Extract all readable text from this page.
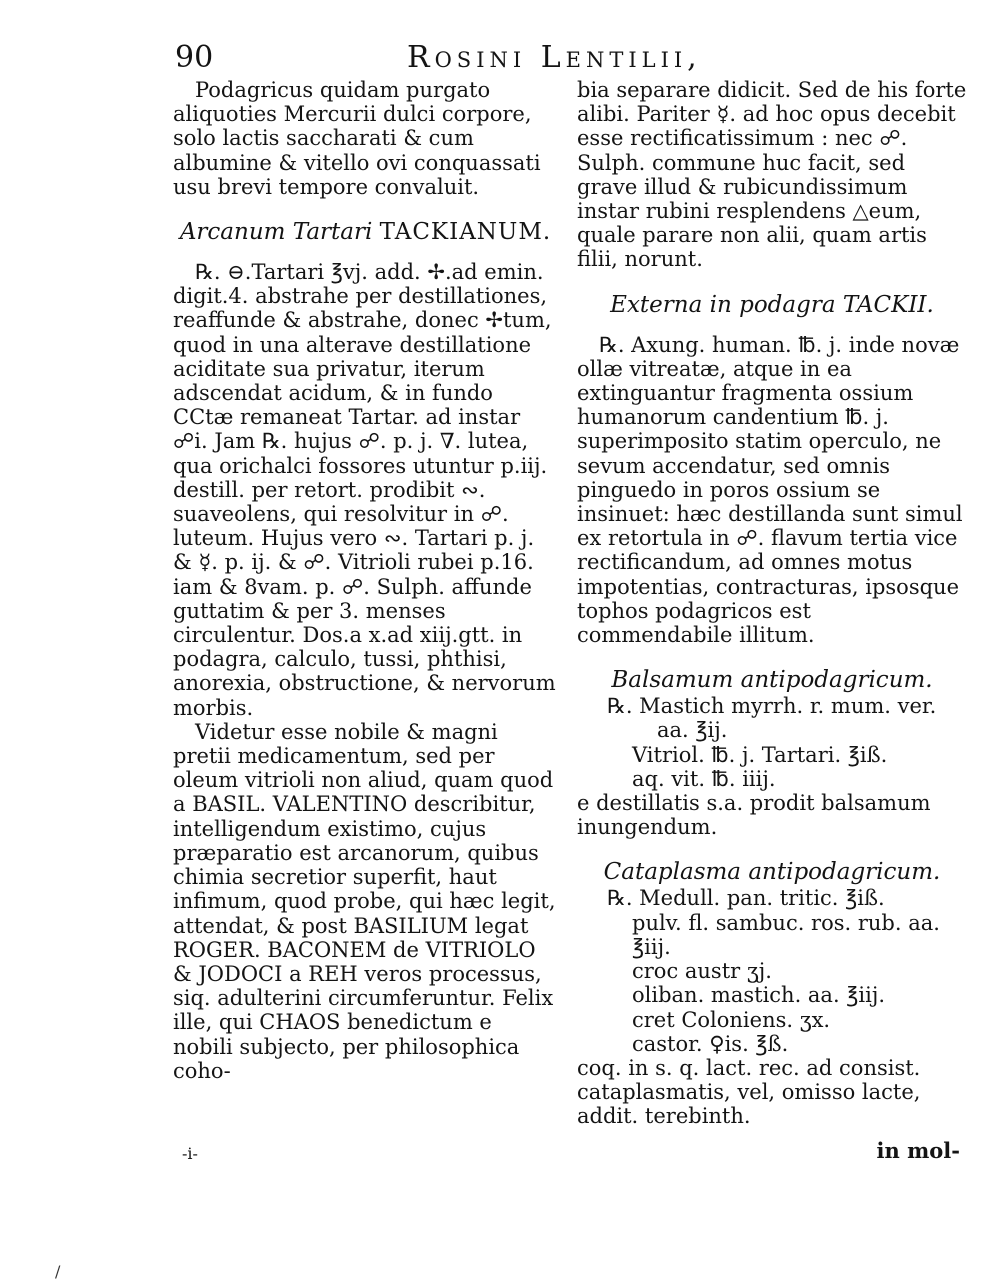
90	Rosini Lentilii,

Podagricus quidam purgato aliquoties Mercurii dulci corpore, solo lactis saccharati & cum albumine & vitello ovi conquassati usu brevi tempore convaluit.

Arcanum Tartari TACKIANUM.

℞. ⊖.Tartari ℥vj. add. ✢.ad emin. digit.4. abstrahe per destillationes, reaffunde & abstrahe, donec ✢tum, quod in una alterave destillatione aciditate sua privatur, iterum adscendat acidum, & in fundo CCtæ remaneat Tartar. ad instar ☍i. Jam ℞. hujus ☍. p. j. ∇. lutea, qua orichalci fossores utuntur p.iij. destill. per retort. prodibit ∾. suaveolens, qui resolvitur in ☍. luteum. Hujus vero ∾. Tartari p. j. & ☿. p. ij. & ☍. Vitrioli rubei p.16. iam & 8vam. p. ☍. Sulph. affunde guttatim & per 3. menses circulentur. Dos.a x.ad xiij.gtt. in podagra, calculo, tussi, phthisi, anorexia, obstructione, & nervorum morbis.

Videtur esse nobile & magni pretii medicamentum, sed per oleum vitrioli non aliud, quam quod a BASIL. VALENTINO describitur, intelligendum existimo, cujus præparatio est arcanorum, quibus chimia secretior superfit, haut infimum, quod probe, qui hæc legit, attendat, & post BASILIUM legat ROGER. BACONEM de VITRIOLO & JODOCI a REH veros processus, siq. adulterini circumferuntur. Felix ille, qui CHAOS benedictum e nobili subjecto, per philosophica coho-

-i-

bia separare didicit. Sed de his forte alibi. Pariter ☿. ad hoc opus decebit esse rectificatissimum : nec ☍. Sulph. commune huc facit, sed grave illud & rubicundissimum instar rubini resplendens △eum, quale parare non alii, quam artis filii, norunt.

Externa in podagra TACKII.

℞. Axung. human. ℔. j. inde novæ ollæ vitreatæ, atque in ea extinguantur fragmenta ossium humanorum candentium ℔. j. superimposito statim operculo, ne sevum accendatur, sed omnis pinguedo in poros ossium se insinuet: hæc destillanda sunt simul ex retortula in ☍. flavum tertia vice rectificandum, ad omnes motus impotentias, contracturas, ipsosque tophos podagricos est commendabile illitum.

Balsamum antipodagricum.

℞. Mastich myrrh. r. mum. ver.

aa. ℥ij.

Vitriol. ℔. j. Tartari. ℥iß.

aq. vit. ℔. iiij.

e destillatis s.a. prodit balsamum inungendum.

Cataplasma antipodagricum.

℞. Medull. pan. tritic. ℥iß.

pulv. fl. sambuc. ros. rub. aa. ℥iij.

croc austr ʒj.

oliban. mastich. aa. ℥iij.

cret Coloniens. ʒx.

castor. ♀is. ℥ß.

coq. in s. q. lact. rec. ad consist. cataplasmatis, vel, omisso lacte, addit. terebinth.

in mol-
/
